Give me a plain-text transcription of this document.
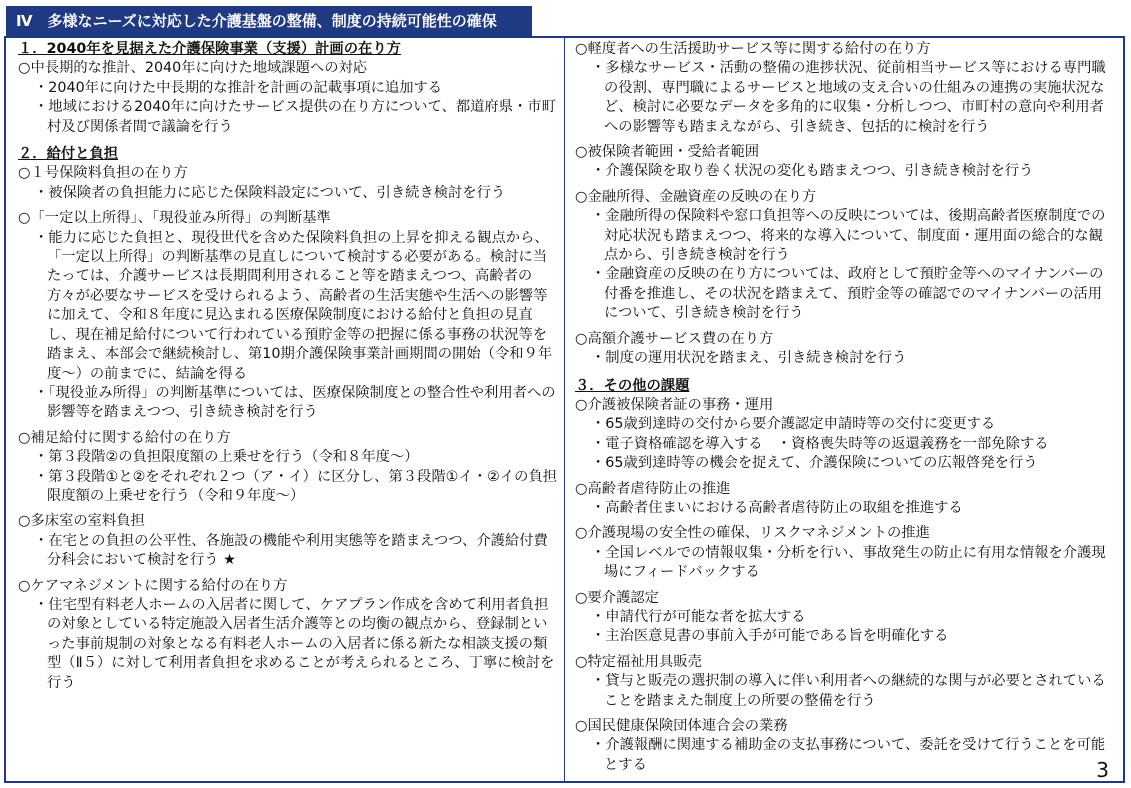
Ⅳ　多様なニーズに対応した介護基盤の整備、制度の持続可能性の確保
１．2040年を見据えた介護保険事業（支援）計画の在り方
○中長期的な推計、2040年に向けた地域課題への対応
・2040年に向けた中長期的な推計を計画の記載事項に追加する
・地域における2040年に向けたサービス提供の在り方について、都道府県・市町村及び関係者間で議論を行う
２．給付と負担
○１号保険料負担の在り方
・被保険者の負担能力に応じた保険料設定について、引き続き検討を行う
○「一定以上所得」、「現役並み所得」の判断基準
・能力に応じた負担と、現役世代を含めた保険料負担の上昇を抑える観点から、「一定以上所得」の判断基準の見直しについて検討する必要がある。検討に当たっては、介護サービスは長期間利用されること等を踏まえつつ、高齢者の方々が必要なサービスを受けられるよう、高齢者の生活実態や生活への影響等に加えて、令和８年度に見込まれる医療保険制度における給付と負担の見直し、現在補足給付について行われている預貯金等の把握に係る事務の状況等を踏まえ、本部会で継続検討し、第10期介護保険事業計画期間の開始（令和９年度～）の前までに、結論を得る
・「現役並み所得」の判断基準については、医療保険制度との整合性や利用者への影響等を踏まえつつ、引き続き検討を行う
○補足給付に関する給付の在り方
・第３段階②の負担限度額の上乗せを行う（令和８年度～）
・第３段階①と②をそれぞれ２つ（ア・イ）に区分し、第３段階①イ・②イの負担限度額の上乗せを行う（令和９年度～）
○多床室の室料負担
・在宅との負担の公平性、各施設の機能や利用実態等を踏まえつつ、介護給付費分科会において検討を行う ★
○ケアマネジメントに関する給付の在り方
・住宅型有料老人ホームの入居者に関して、ケアプラン作成を含めて利用者負担の対象としている特定施設入居者生活介護等との均衡の観点から、登録制といった事前規制の対象となる有料老人ホームの入居者に係る新たな相談支援の類型（Ⅱ５）に対して利用者負担を求めることが考えられるところ、丁寧に検討を行う
○軽度者への生活援助サービス等に関する給付の在り方
・多様なサービス・活動の整備の進捗状況、従前相当サービス等における専門職の役割、専門職によるサービスと地域の支え合いの仕組みの連携の実施状況など、検討に必要なデータを多角的に収集・分析しつつ、市町村の意向や利用者への影響等も踏まえながら、引き続き、包括的に検討を行う
○被保険者範囲・受給者範囲
・介護保険を取り巻く状況の変化も踏まえつつ、引き続き検討を行う
○金融所得、金融資産の反映の在り方
・金融所得の保険料や窓口負担等への反映については、後期高齢者医療制度での対応状況も踏まえつつ、将来的な導入について、制度面・運用面の総合的な観点から、引き続き検討を行う
・金融資産の反映の在り方については、政府として預貯金等へのマイナンバーの付番を推進し、その状況を踏まえて、預貯金等の確認でのマイナンバーの活用について、引き続き検討を行う
○高額介護サービス費の在り方
・制度の運用状況を踏まえ、引き続き検討を行う
３．その他の課題
○介護被保険者証の事務・運用
・65歳到達時の交付から要介護認定申請時等の交付に変更する
・電子資格確認を導入する　・資格喪失時等の返還義務を一部免除する
・65歳到達時等の機会を捉えて、介護保険についての広報啓発を行う
○高齢者虐待防止の推進
・高齢者住まいにおける高齢者虐待防止の取組を推進する
○介護現場の安全性の確保、リスクマネジメントの推進
・全国レベルでの情報収集・分析を行い、事故発生の防止に有用な情報を介護現場にフィードバックする
○要介護認定
・申請代行が可能な者を拡大する
・主治医意見書の事前入手が可能である旨を明確化する
○特定福祉用具販売
・貸与と販売の選択制の導入に伴い利用者への継続的な関与が必要とされていることを踏まえた制度上の所要の整備を行う
○国民健康保険団体連合会の業務
・介護報酬に関連する補助金の支払事務について、委託を受けて行うことを可能とする	3
